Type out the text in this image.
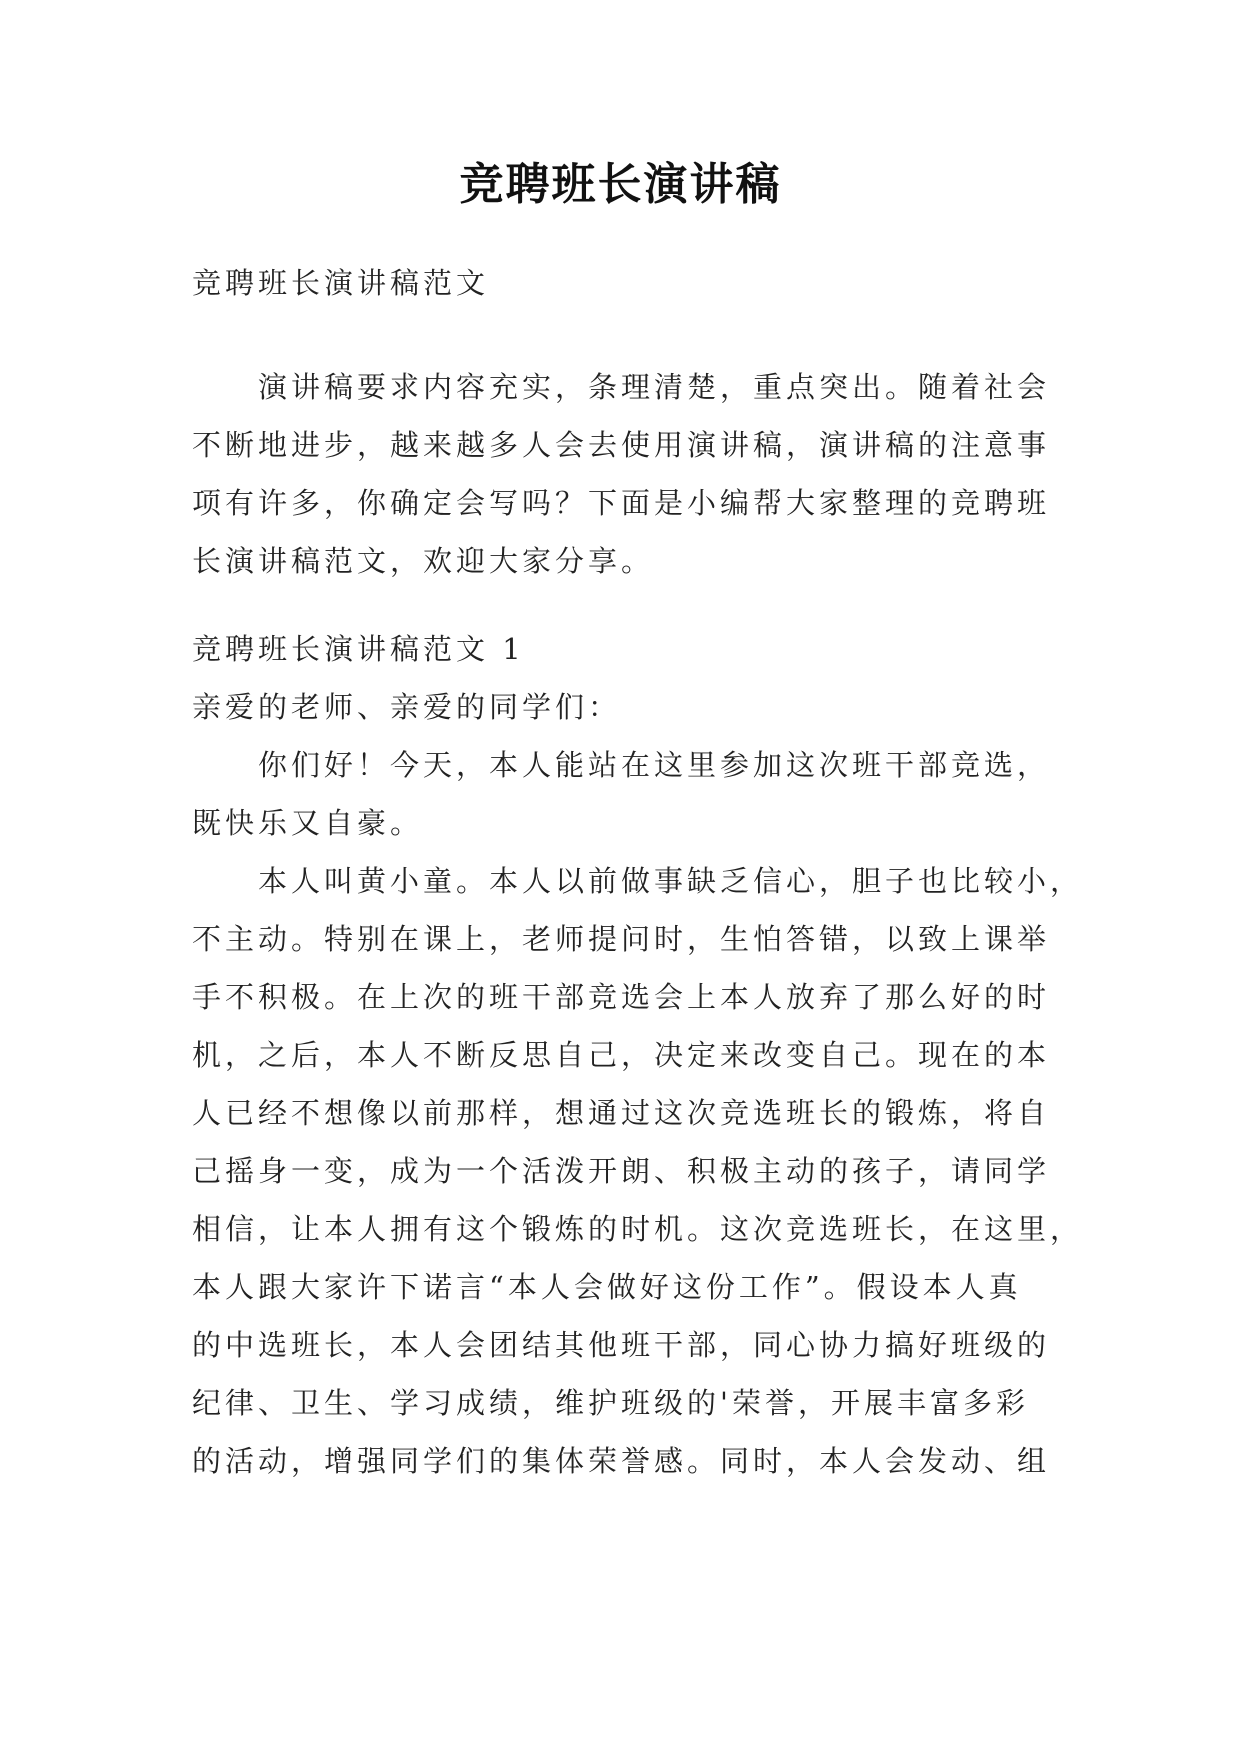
竞聘班长演讲稿
竞聘班长演讲稿范文
演讲稿要求内容充实，条理清楚，重点突出。随着社会
不断地进步，越来越多人会去使用演讲稿，演讲稿的注意事
项有许多，你确定会写吗？下面是小编帮大家整理的竞聘班
长演讲稿范文，欢迎大家分享。
竞聘班长演讲稿范文 1
亲爱的老师、亲爱的同学们：
你们好！今天，本人能站在这里参加这次班干部竞选，
既快乐又自豪。
本人叫黄小童。本人以前做事缺乏信心，胆子也比较小，
不主动。特别在课上，老师提问时，生怕答错，以致上课举
手不积极。在上次的班干部竞选会上本人放弃了那么好的时
机，之后，本人不断反思自己，决定来改变自己。现在的本
人已经不想像以前那样，想通过这次竞选班长的锻炼，将自
己摇身一变，成为一个活泼开朗、积极主动的孩子，请同学
相信，让本人拥有这个锻炼的时机。这次竞选班长，在这里，
本人跟大家许下诺言“本人会做好这份工作”。假设本人真
的中选班长，本人会团结其他班干部，同心协力搞好班级的
纪律、卫生、学习成绩，维护班级的'荣誉，开展丰富多彩
的活动，增强同学们的集体荣誉感。同时，本人会发动、组
